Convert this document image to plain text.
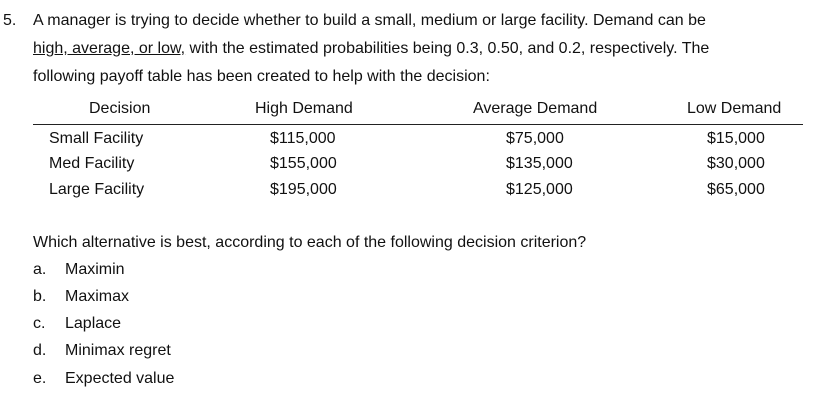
5. A manager is trying to decide whether to build a small, medium or large facility. Demand can be
high, average, or low, with the estimated probabilities being 0.3, 0.50, and 0.2, respectively. The
following payoff table has been created to help with the decision:
Decision	High Demand	Average Demand	Low Demand
Small Facility	$115,000	$75,000	$15,000
Med Facility	$155,000	$135,000	$30,000
Large Facility	$195,000	$125,000	$65,000
Which alternative is best, according to each of the following decision criterion?
a. Maximin
b. Maximax
c. Laplace
d. Minimax regret
e. Expected value
